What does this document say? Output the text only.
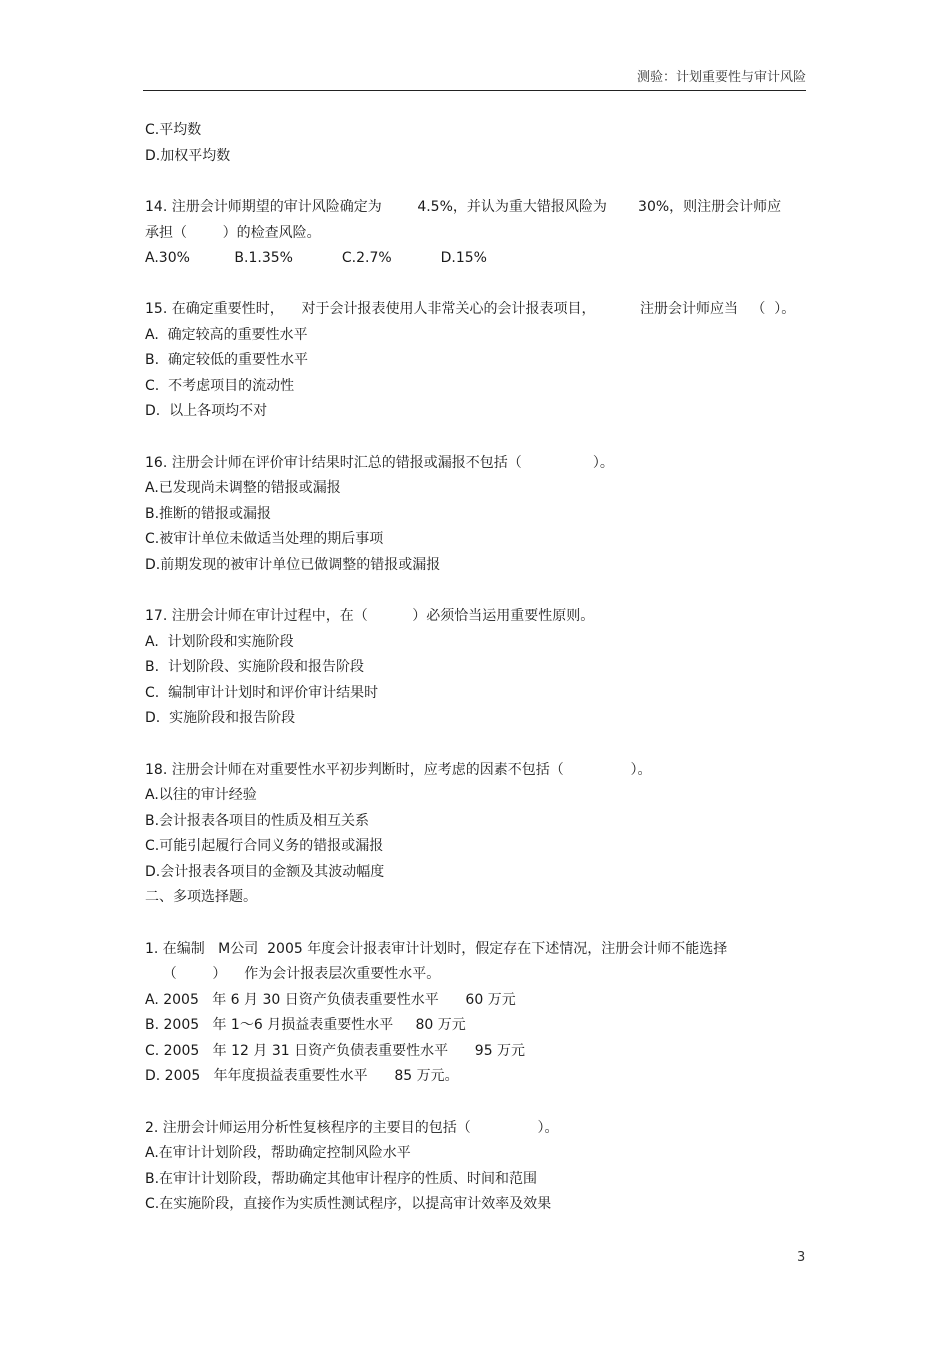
测验：计划重要性与审计风险
C.平均数
D.加权平均数
14. 注册会计师期望的审计风险确定为        4.5%，并认为重大错报风险为       30%，则注册会计师应
承担（        ）的检查风险。
A.30%          B.1.35%           C.2.7%           D.15%
15. 在确定重要性时，    对于会计报表使用人非常关心的会计报表项目，          注册会计师应当   （  ）。
A.  确定较高的重要性水平
B.  确定较低的重要性水平
C.  不考虑项目的流动性
D.  以上各项均不对
16. 注册会计师在评价审计结果时汇总的错报或漏报不包括（                ）。
A.已发现尚未调整的错报或漏报
B.推断的错报或漏报
C.被审计单位未做适当处理的期后事项
D.前期发现的被审计单位已做调整的错报或漏报
17. 注册会计师在审计过程中，在（          ）必须恰当运用重要性原则。
A.  计划阶段和实施阶段
B.  计划阶段、实施阶段和报告阶段
C.  编制审计计划时和评价审计结果时
D.  实施阶段和报告阶段
18. 注册会计师在对重要性水平初步判断时，应考虑的因素不包括（               ）。
A.以往的审计经验
B.会计报表各项目的性质及相互关系
C.可能引起履行合同义务的错报或漏报
D.会计报表各项目的金额及其波动幅度
二、多项选择题。
1. 在编制   M公司  2005 年度会计报表审计计划时，假定存在下述情况，注册会计师不能选择
（        ）    作为会计报表层次重要性水平。
A. 2005   年 6 月 30 日资产负债表重要性水平      60 万元
B. 2005   年 1～6 月损益表重要性水平     80 万元
C. 2005   年 12 月 31 日资产负债表重要性水平      95 万元
D. 2005   年年度损益表重要性水平      85 万元。
2. 注册会计师运用分析性复核程序的主要目的包括（               ）。
A.在审计计划阶段，帮助确定控制风险水平
B.在审计计划阶段，帮助确定其他审计程序的性质、时间和范围
C.在实施阶段，直接作为实质性测试程序，以提高审计效率及效果
3
